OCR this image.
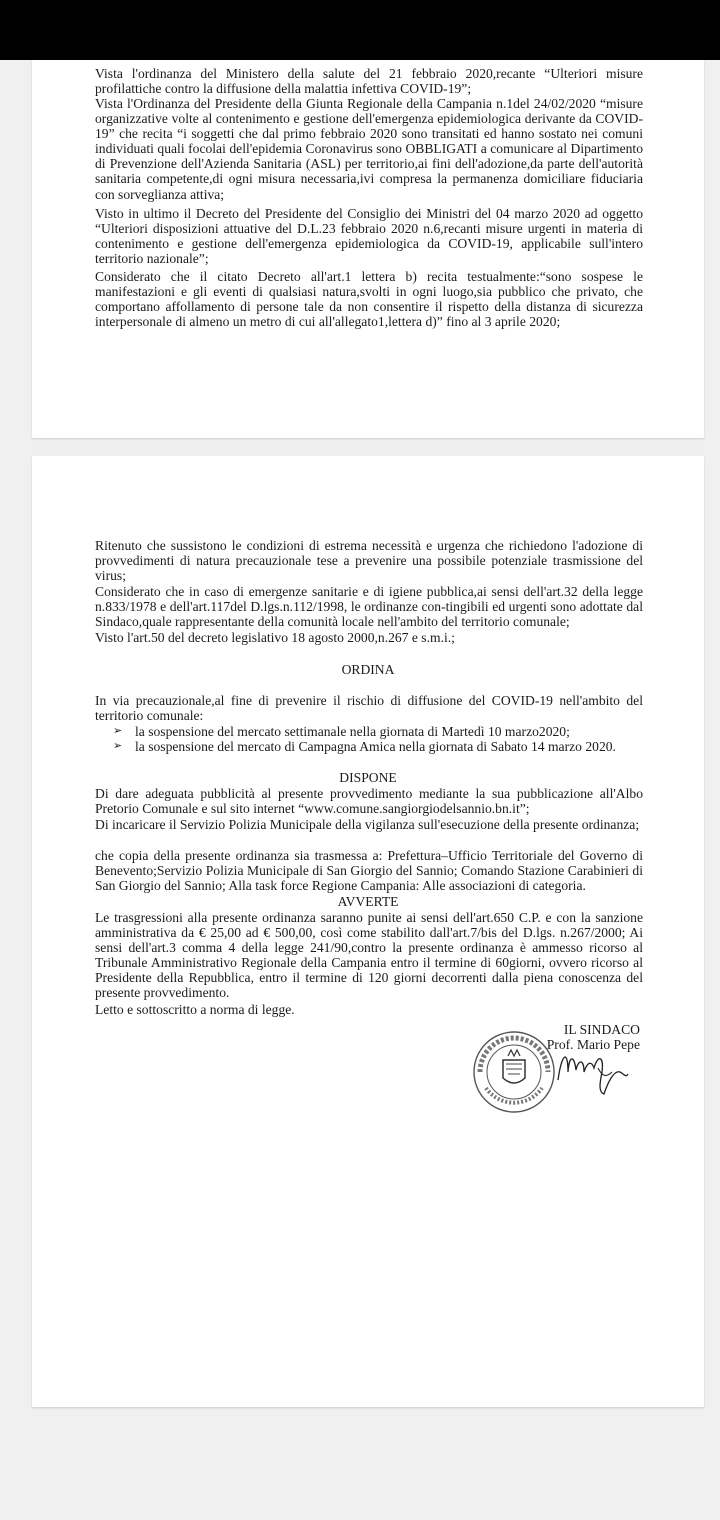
Vista l'ordinanza del Ministero della salute del 21 febbraio 2020,recante “Ulteriori misure profilattiche contro la diffusione della malattia infettiva COVID-19”;
Vista l'Ordinanza del Presidente della Giunta Regionale della Campania n.1del 24/02/2020 “misure organizzative volte al contenimento e gestione dell'emergenza epidemiologica derivante da COVID-19” che recita “i soggetti che dal primo febbraio 2020 sono transitati ed hanno sostato nei comuni individuati quali focolai dell'epidemia Coronavirus sono OBBLIGATI a comunicare al Dipartimento di Prevenzione dell'Azienda Sanitaria (ASL) per territorio,ai fini dell'adozione,da parte dell'autorità sanitaria competente,di ogni misura necessaria,ivi compresa la permanenza domiciliare fiduciaria con sorveglianza attiva;
Visto in ultimo il Decreto del Presidente del Consiglio dei Ministri del 04 marzo 2020 ad oggetto “Ulteriori disposizioni attuative del D.L.23 febbraio 2020 n.6,recanti misure urgenti in materia di contenimento e gestione dell'emergenza epidemiologica da COVID-19, applicabile sull'intero territorio nazionale”;
Considerato che il citato Decreto all'art.1 lettera b) recita testualmente:“sono sospese le manifestazioni e gli eventi di qualsiasi natura,svolti in ogni luogo,sia pubblico che privato, che comportano affollamento di persone tale da non consentire il rispetto della distanza di sicurezza interpersonale di almeno un metro di cui all'allegato1,lettera d)” fino al 3 aprile 2020;
Ritenuto che sussistono le condizioni di estrema necessità e urgenza che richiedono l'adozione di provvedimenti di natura precauzionale tese a prevenire una possibile potenziale trasmissione del virus;
Considerato che in caso di emergenze sanitarie e di igiene pubblica,ai sensi dell'art.32 della legge n.833/1978 e dell'art.117del D.lgs.n.112/1998, le ordinanze con-tingibili ed urgenti sono adottate dal Sindaco,quale rappresentante della comunità locale nell'ambito del territorio comunale;
Visto l'art.50 del decreto legislativo 18 agosto 2000,n.267 e s.m.i.;
ORDINA
In via precauzionale,al fine di prevenire il rischio di diffusione del COVID-19 nell'ambito del territorio comunale:
➢ la sospensione del mercato settimanale nella giornata di Martedì 10 marzo2020;
➢ la sospensione del mercato di Campagna Amica nella giornata di Sabato 14 marzo 2020.
DISPONE
Di dare adeguata pubblicità al presente provvedimento mediante la sua pubblicazione all'Albo Pretorio Comunale e sul sito internet “www.comune.sangiorgiodelsannio.bn.it”;
Di incaricare il Servizio Polizia Municipale della vigilanza sull'esecuzione della presente ordinanza;
che copia della presente ordinanza sia trasmessa a: Prefettura–Ufficio Territoriale del Governo di Benevento;Servizio Polizia Municipale di San Giorgio del Sannio; Comando Stazione Carabinieri di San Giorgio del Sannio; Alla task force Regione Campania: Alle associazioni di categoria.
AVVERTE
Le trasgressioni alla presente ordinanza saranno punite ai sensi dell'art.650 C.P. e con la sanzione amministrativa da € 25,00 ad € 500,00, così come stabilito dall'art.7/bis del D.lgs. n.267/2000; Ai sensi dell'art.3 comma 4 della legge 241/90,contro la presente ordinanza è ammesso ricorso al Tribunale Amministrativo Regionale della Campania entro il termine di 60giorni, ovvero ricorso al Presidente della Repubblica, entro il termine di 120 giorni decorrenti dalla piena conoscenza del presente provvedimento.
Letto e sottoscritto a norma di legge.
IL SINDACO
Prof. Mario Pepe
